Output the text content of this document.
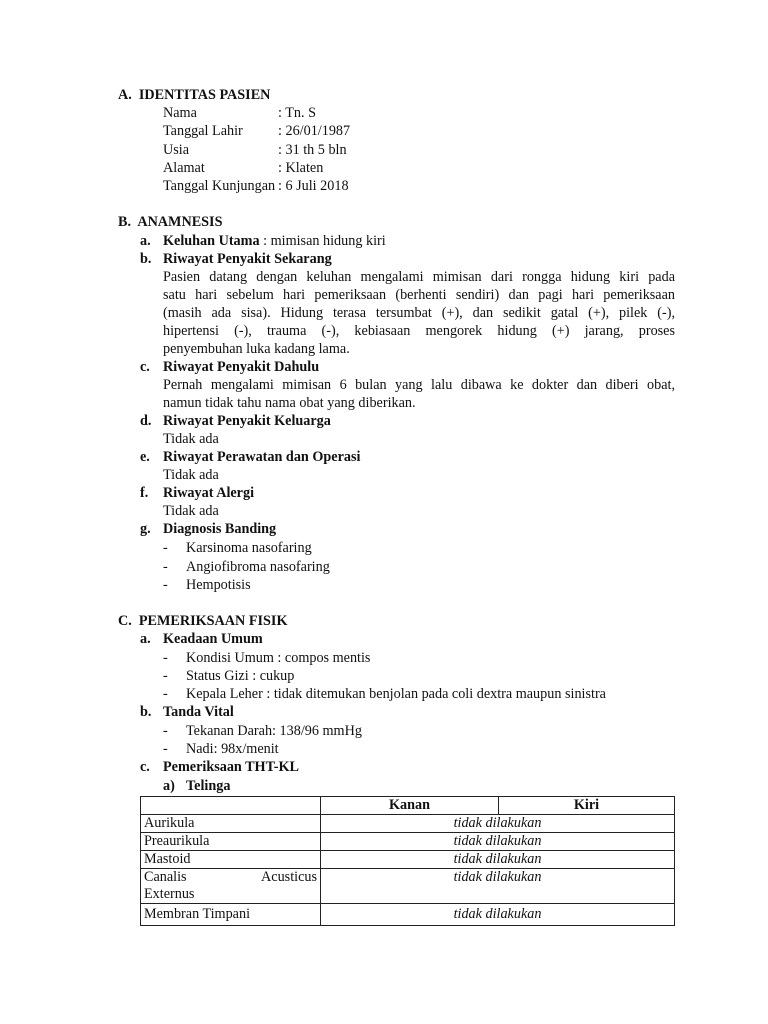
A.  IDENTITAS PASIEN
Nama	: Tn. S
Tanggal Lahir : 26/01/1987
Usia	: 31 th 5 bln
Alamat	: Klaten
Tanggal Kunjungan : 6 Juli 2018
B.  ANAMNESIS
a. Keluhan Utama : mimisan hidung kiri
b. Riwayat Penyakit Sekarang
Pasien datang dengan keluhan mengalami mimisan dari rongga hidung kiri pada
satu hari sebelum hari pemeriksaan (berhenti sendiri) dan pagi hari pemeriksaan
(masih ada sisa). Hidung terasa tersumbat (+), dan sedikit gatal (+), pilek (-),
hipertensi (-), trauma (-), kebiasaan mengorek hidung (+) jarang, proses
penyembuhan luka kadang lama.
c. Riwayat Penyakit Dahulu
Pernah mengalami mimisan 6 bulan yang lalu dibawa ke dokter dan diberi obat,
namun tidak tahu nama obat yang diberikan.
d. Riwayat Penyakit Keluarga
Tidak ada
e. Riwayat Perawatan dan Operasi
Tidak ada
f. Riwayat Alergi
Tidak ada
g. Diagnosis Banding
- Karsinoma nasofaring
- Angiofibroma nasofaring
- Hempotisis
C.  PEMERIKSAAN FISIK
a. Keadaan Umum
- Kondisi Umum : compos mentis
- Status Gizi : cukup
- Kepala Leher : tidak ditemukan benjolan pada coli dextra maupun sinistra
b. Tanda Vital
- Tekanan Darah: 138/96 mmHg
- Nadi: 98x/menit
c. Pemeriksaan THT-KL
a) Telinga
	Kanan	Kiri
Aurikula	tidak dilakukan	
Preaurikula	tidak dilakukan	
Mastoid	tidak dilakukan	

Canalis Acusticus
Externus	tidak dilakukan	
Membran Timpani	tidak dilakukan	
